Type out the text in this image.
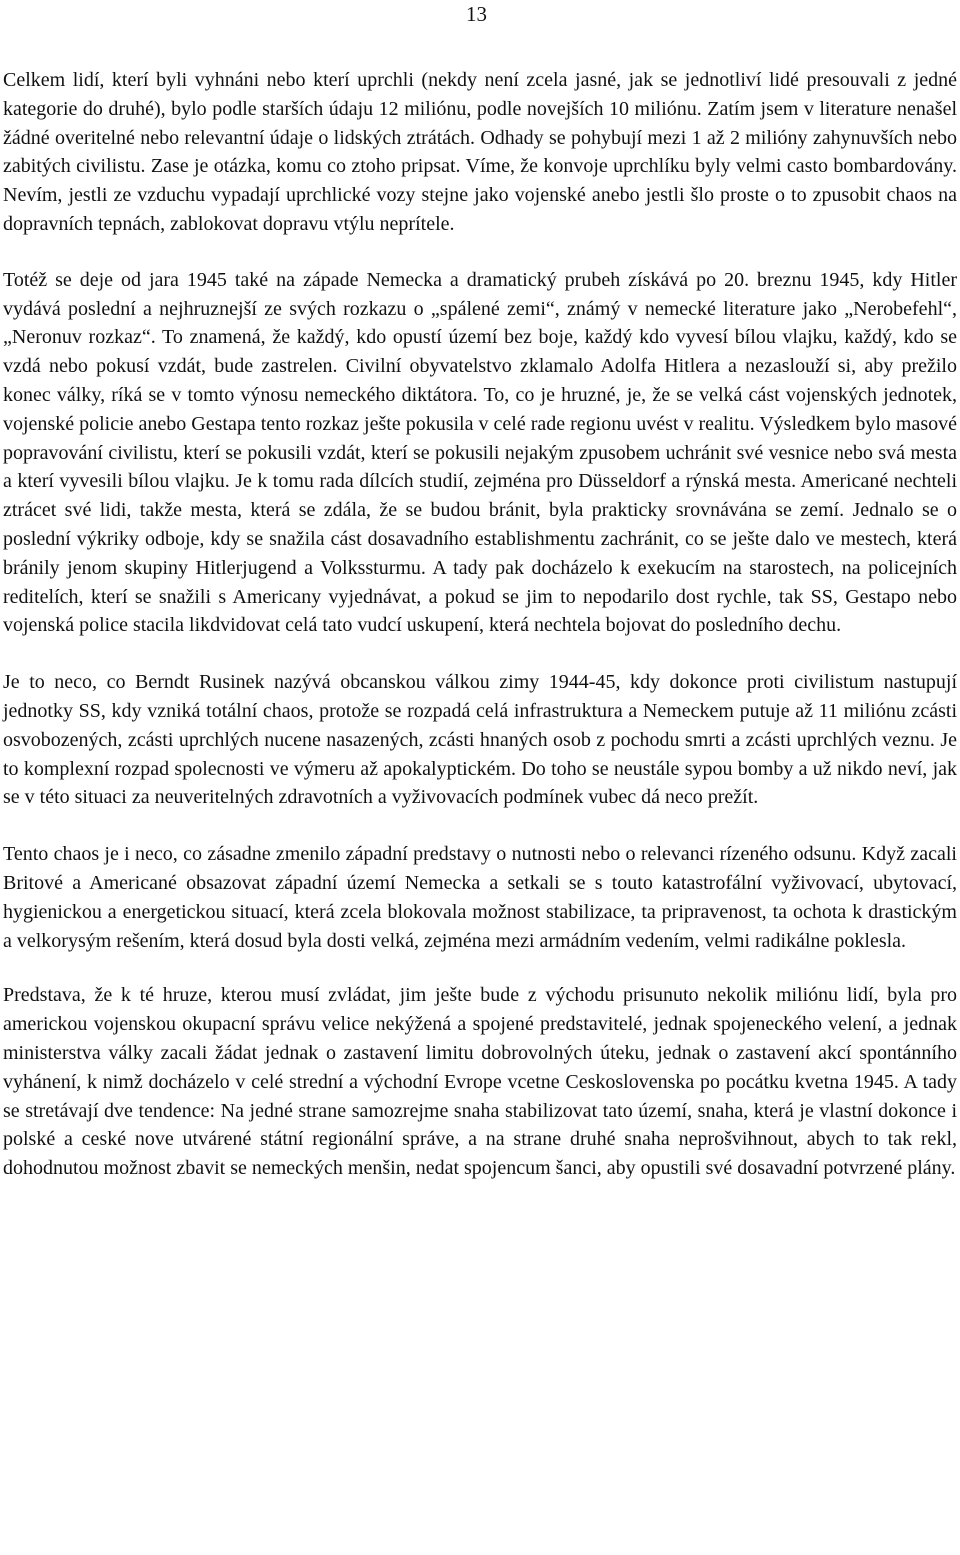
13

Celkem lidí, kterí byli vyhnáni nebo kterí uprchli (nekdy není zcela jasné, jak se jednotliví lidé presouvali z jedné kategorie do druhé), bylo podle starších údaju 12 miliónu, podle novejších 10 miliónu. Zatím jsem v literature nenašel žádné overitelné nebo relevantní údaje o lidských ztrátách. Odhady se pohybují mezi 1 až 2 milióny zahynuvších nebo zabitých civilistu. Zase je otázka, komu co ztoho pripsat. Víme, že konvoje uprchlíku byly velmi casto bombardovány. Nevím, jestli ze vzduchu vypadají uprchlické vozy stejne jako vojenské anebo jestli šlo proste o to zpusobit chaos na dopravních tepnách, zablokovat dopravu vtýlu neprítele.

Totéž se deje od jara 1945 také na západe Nemecka a dramatický prubeh získává po 20. breznu 1945, kdy Hitler vydává poslední a nejhruznejší ze svých rozkazu o „spálené zemi“, známý v nemecké literature jako „Nerobefehl“, „Neronuv rozkaz“. To znamená, že každý, kdo opustí území bez boje, každý kdo vyvesí bílou vlajku, každý, kdo se vzdá nebo pokusí vzdát, bude zastrelen. Civilní obyvatelstvo zklamalo Adolfa Hitlera a nezaslouží si, aby prežilo konec války, ríká se v tomto výnosu nemeckého diktátora. To, co je hruzné, je, že se velká cást vojenských jednotek, vojenské policie anebo Gestapa tento rozkaz ješte pokusila v celé rade regionu uvést v realitu. Výsledkem bylo masové popravování civilistu, kterí se pokusili vzdát, kterí se pokusili nejakým zpusobem uchránit své vesnice nebo svá mesta a kterí vyvesili bílou vlajku. Je k tomu rada dílcích studií, zejména pro Düsseldorf a rýnská mesta. Americané nechteli ztrácet své lidi, takže mesta, která se zdála, že se budou bránit, byla prakticky srovnávána se zemí. Jednalo se o poslední výkriky odboje, kdy se snažila cást dosavadního establishmentu zachránit, co se ješte dalo ve mestech, která bránily jenom skupiny Hitlerjugend a Volkssturmu. A tady pak docházelo k exekucím na starostech, na policejních reditelích, kterí se snažili s Americany vyjednávat, a pokud se jim to nepodarilo dost rychle, tak SS, Gestapo nebo vojenská police stacila likdvidovat celá tato vudcí uskupení, která nechtela bojovat do posledního dechu.

Je to neco, co Berndt Rusinek nazývá obcanskou válkou zimy 1944-45, kdy dokonce proti civilistum nastupují jednotky SS, kdy vzniká totální chaos, protože se rozpadá celá infrastruktura a Nemeckem putuje až 11 miliónu zcásti osvobozených, zcásti uprchlých nucene nasazených, zcásti hnaných osob z pochodu smrti a zcásti uprchlých veznu. Je to komplexní rozpad spolecnosti ve výmeru až apokalyptickém. Do toho se neustále sypou bomby a už nikdo neví, jak se v této situaci za neuveritelných zdravotních a vyživovacích podmínek vubec dá neco prežít.

Tento chaos je i neco, co zásadne zmenilo západní predstavy o nutnosti nebo o relevanci rízeného odsunu. Když zacali Britové a Americané obsazovat západní území Nemecka a setkali se s touto katastrofální vyživovací, ubytovací, hygienickou a energetickou situací, která zcela blokovala možnost stabilizace, ta pripravenost, ta ochota k drastickým a velkorysým rešením, která dosud byla dosti velká, zejména mezi armádním vedením, velmi radikálne poklesla.

Predstava, že k té hruze, kterou musí zvládat, jim ješte bude z východu prisunuto nekolik miliónu lidí, byla pro americkou vojenskou okupacní správu velice nekýžená a spojené predstavitelé, jednak spojeneckého velení, a jednak ministerstva války zacali žádat jednak o zastavení limitu dobrovolných úteku, jednak o zastavení akcí spontánního vyhánení, k nimž docházelo v celé strední a východní Evrope vcetne Ceskoslovenska po pocátku kvetna 1945. A tady se stretávají dve tendence: Na jedné strane samozrejme snaha stabilizovat tato území, snaha, která je vlastní dokonce i polské a ceské nove utvárené státní regionální správe, a na strane druhé snaha neprošvihnout, abych to tak rekl, dohodnutou možnost zbavit se nemeckých menšin, nedat spojencum šanci, aby opustili své dosavadní potvrzené plány.
